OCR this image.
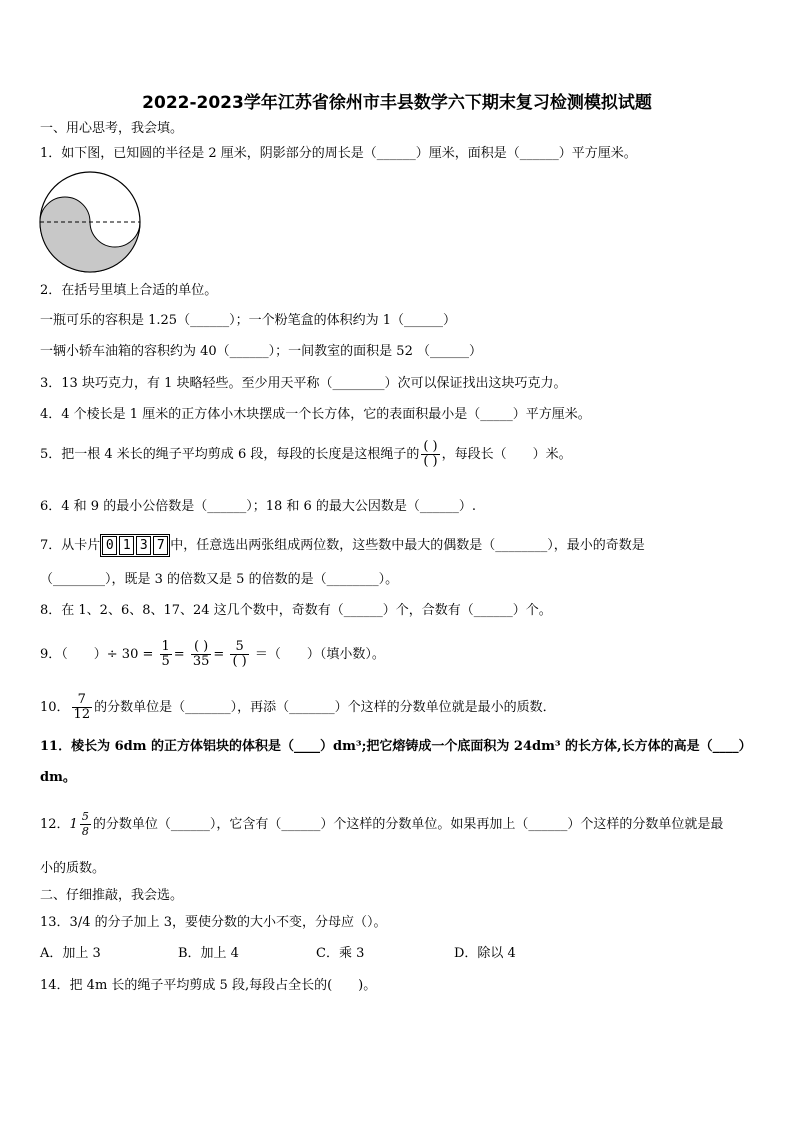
2022-2023学年江苏省徐州市丰县数学六下期末复习检测模拟试题
一、用心思考，我会填。
1．如下图，已知圆的半径是 2 厘米，阴影部分的周长是（______）厘米，面积是（______）平方厘米。
2．在括号里填上合适的单位。
一瓶可乐的容积是 1.25（______）；一个粉笔盒的体积约为 1（______）
一辆小轿车油箱的容积约为 40（______）；一间教室的面积是 52 （______）
3．13 块巧克力，有 1 块略轻些。至少用天平称（________）次可以保证找出这块巧克力。
4．4 个棱长是 1 厘米的正方体小木块摆成一个长方体，它的表面积最小是（_____）平方厘米。
5．把一根 4 米长的绳子平均剪成 6 段，每段的长度是这根绳子的 $\frac{( )}{( )}$ ，每段长（　　）米。
6．4 和 9 的最小公倍数是（______）；18 和 6 的最大公因数是（______）.
7．从卡片 0 1 3 7 中，任意选出两张组成两位数，这些数中最大的偶数是（________），最小的奇数是
（________），既是 3 的倍数又是 5 的倍数的是（________）。
8．在 1、2、6、8、17、24 这几个数中，奇数有（______）个，合数有（______）个。
9．（　　）÷ $30 = \frac{1}{5} = \frac{( )}{35} = \frac{5}{( )}$ ＝（　　）（填小数）。
10． $\frac{7}{12}$ 的分数单位是（_______），再添（_______）个这样的分数单位就是最小的质数．
11．棱长为 6dm 的正方体铝块的体积是（____）dm³;把它熔铸成一个底面积为 24dm³ 的长方体,长方体的高是（____）
dm。
12．$1 \frac{5}{8}$ 的分数单位（______），它含有（______）个这样的分数单位。如果再加上（______）个这样的分数单位就是最
小的质数。
二、仔细推敲，我会选。
13．3/4 的分子加上 3，要使分数的大小不变，分母应（）。
A．加上 3	B．加上 4	C．乘 3	D．除以 4
14．把 4m 长的绳子平均剪成 5 段,每段占全长的(　　)。
